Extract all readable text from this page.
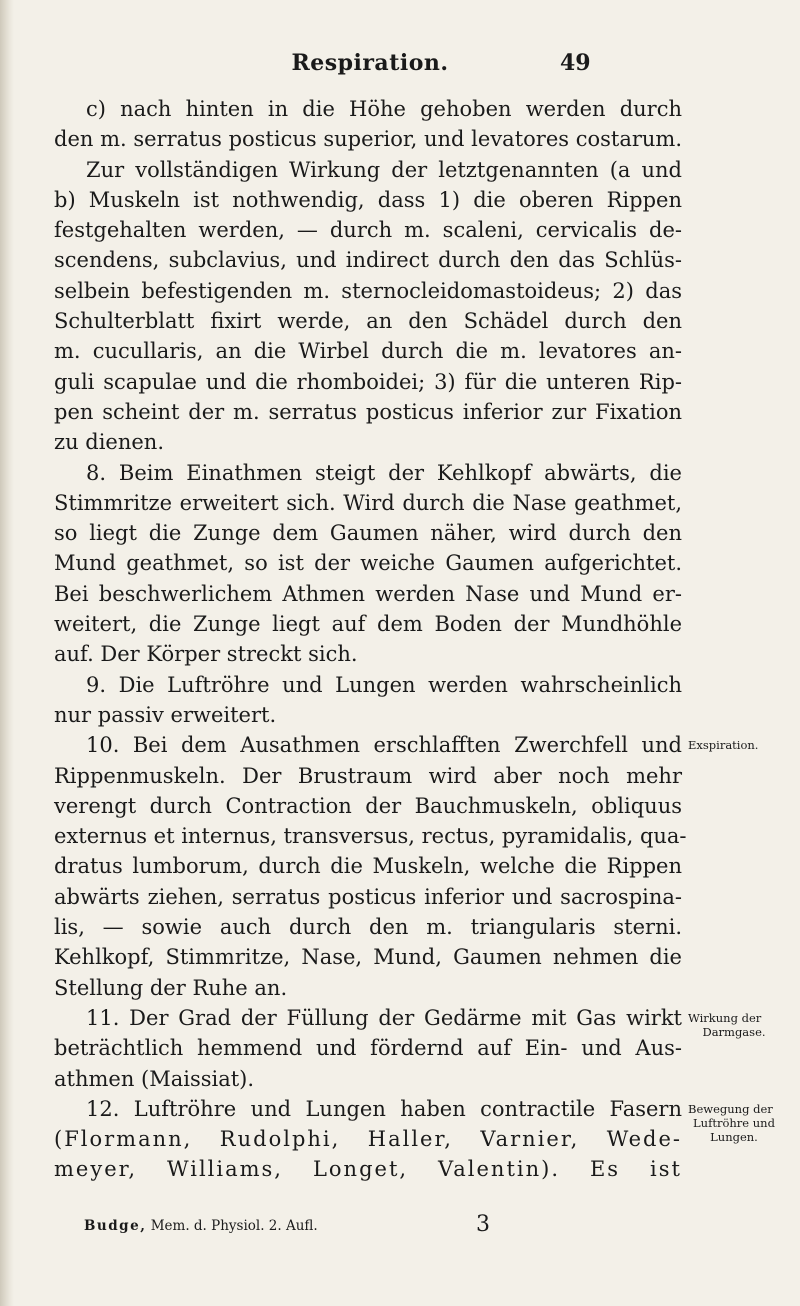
Respiration.	49
c) nach hinten in die Höhe gehoben werden durch
den m. serratus posticus superior, und levatores costarum.
Zur vollständigen Wirkung der letztgenannten (a und
b) Muskeln ist nothwendig, dass 1) die oberen Rippen
festgehalten werden, — durch m. scaleni, cervicalis de-
scendens, subclavius, und indirect durch den das Schlüs-
selbein befestigenden m. sternocleidomastoideus; 2) das
Schulterblatt fixirt werde, an den Schädel durch den
m. cucullaris, an die Wirbel durch die m. levatores an-
guli scapulae und die rhomboidei; 3) für die unteren Rip-
pen scheint der m. serratus posticus inferior zur Fixation
zu dienen.
8. Beim Einathmen steigt der Kehlkopf abwärts, die
Stimmritze erweitert sich. Wird durch die Nase geathmet,
so liegt die Zunge dem Gaumen näher, wird durch den
Mund geathmet, so ist der weiche Gaumen aufgerichtet.
Bei beschwerlichem Athmen werden Nase und Mund er-
weitert, die Zunge liegt auf dem Boden der Mundhöhle
auf. Der Körper streckt sich.
9. Die Luftröhre und Lungen werden wahrscheinlich
nur passiv erweitert.
10. Bei dem Ausathmen erschlafften Zwerchfell und
Rippenmuskeln. Der Brustraum wird aber noch mehr
verengt durch Contraction der Bauchmuskeln, obliquus
externus et internus, transversus, rectus, pyramidalis, qua-
dratus lumborum, durch die Muskeln, welche die Rippen
abwärts ziehen, serratus posticus inferior und sacrospina-
lis, — sowie auch durch den m. triangularis sterni.
Kehlkopf, Stimmritze, Nase, Mund, Gaumen nehmen die
Stellung der Ruhe an.
11. Der Grad der Füllung der Gedärme mit Gas wirkt
beträchtlich hemmend und fördernd auf Ein- und Aus-
athmen (Maissiat).
12. Luftröhre und Lungen haben contractile Fasern
(Flormann, Rudolphi, Haller, Varnier, Wede-
meyer, Williams, Longet, Valentin). Es ist
Exspiration.
Wirkung der
Darmgase.
Bewegung der
Luftröhre und
Lungen.
Budge, Mem. d. Physiol. 2. Aufl.	3
